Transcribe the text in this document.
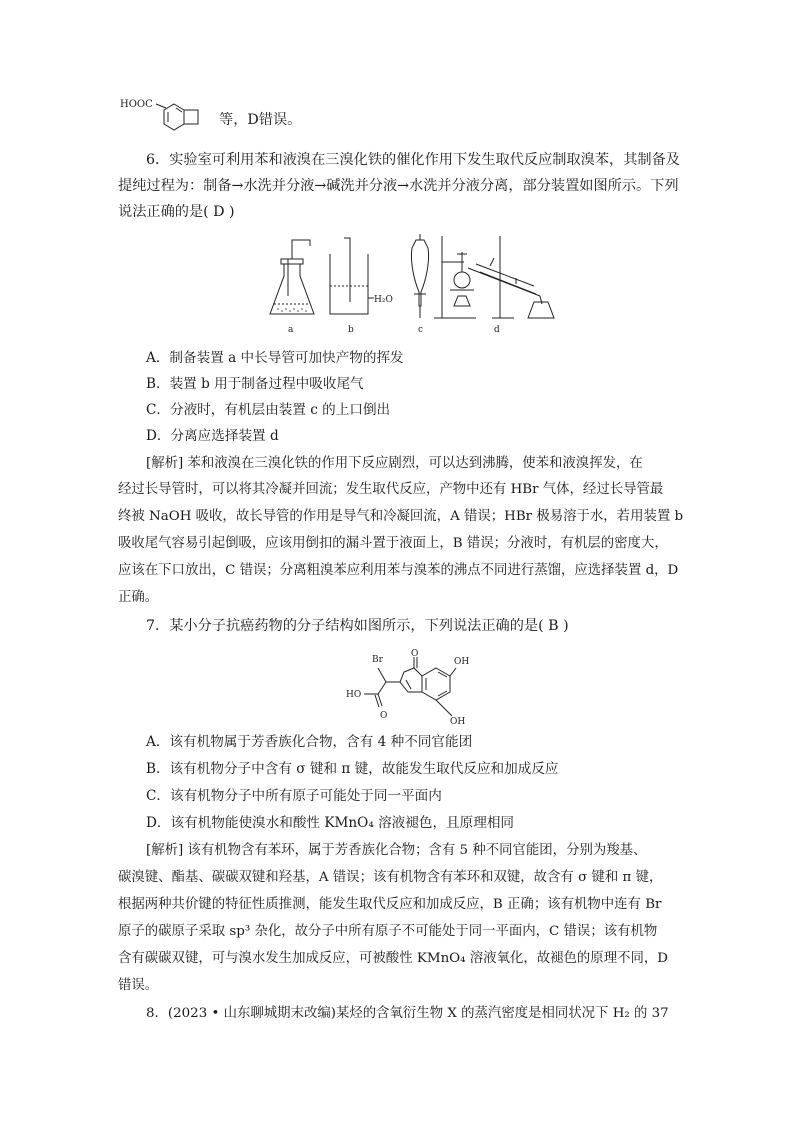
HOOC
等，D错误。
6．实验室可利用苯和液溴在三溴化铁的催化作用下发生取代反应制取溴苯，其制备及
提纯过程为：制备→水洗并分液→碱洗并分液→水洗并分液分离，部分装置如图所示。下列
说法正确的是( D )
H₂O
a	b	c	d
A．制备装置 a 中长导管可加快产物的挥发
B．装置 b 用于制备过程中吸收尾气
C．分液时，有机层由装置 c 的上口倒出
D．分离应选择装置 d
[解析] 苯和液溴在三溴化铁的作用下反应剧烈，可以达到沸腾，使苯和液溴挥发，在
经过长导管时，可以将其冷凝并回流；发生取代反应，产物中还有 HBr 气体，经过长导管最
终被 NaOH 吸收，故长导管的作用是导气和冷凝回流，A 错误；HBr 极易溶于水，若用装置 b
吸收尾气容易引起倒吸，应该用倒扣的漏斗置于液面上，B 错误；分液时，有机层的密度大，
应该在下口放出，C 错误；分离粗溴苯应利用苯与溴苯的沸点不同进行蒸馏，应选择装置 d，D
正确。
7．某小分子抗癌药物的分子结构如图所示，下列说法正确的是( B )
Br
O
OH
HO
O
OH
A．该有机物属于芳香族化合物，含有 4 种不同官能团
B．该有机物分子中含有 σ 键和 π 键，故能发生取代反应和加成反应
C．该有机物分子中所有原子可能处于同一平面内
D．该有机物能使溴水和酸性 KMnO₄ 溶液褪色，且原理相同
[解析] 该有机物含有苯环，属于芳香族化合物；含有 5 种不同官能团，分别为羧基、
碳溴键、酯基、碳碳双键和羟基，A 错误；该有机物含有苯环和双键，故含有 σ 键和 π 键，
根据两种共价键的特征性质推测，能发生取代反应和加成反应，B 正确；该有机物中连有 Br
原子的碳原子采取 sp³ 杂化，故分子中所有原子不可能处于同一平面内，C 错误；该有机物
含有碳碳双键，可与溴水发生加成反应，可被酸性 KMnO₄ 溶液氧化，故褪色的原理不同，D
错误。
8．(2023 • 山东聊城期末改编)某烃的含氧衍生物 X 的蒸汽密度是相同状况下 H₂ 的 37
